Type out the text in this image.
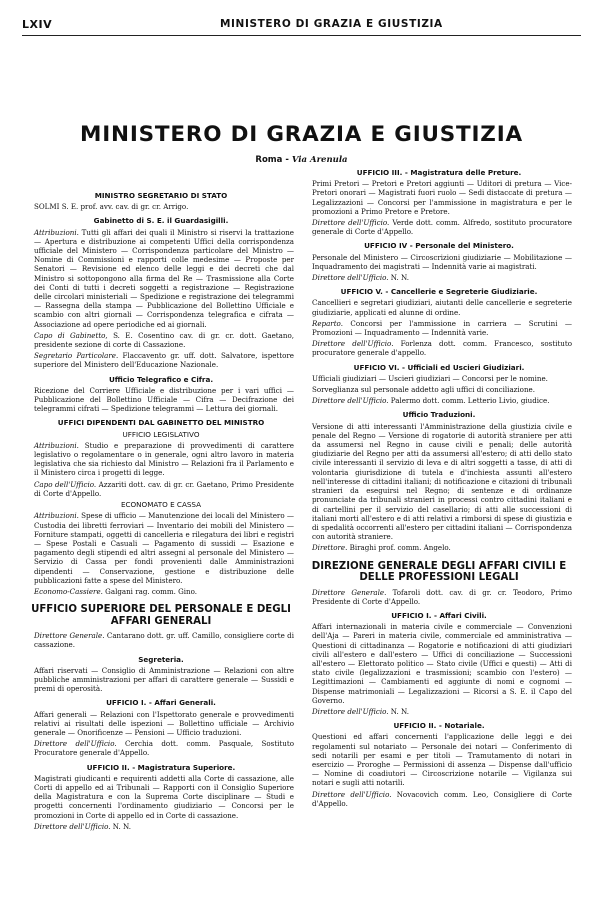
LXIV	MINISTERO DI GRAZIA E GIUSTIZIA
MINISTERO DI GRAZIA E GIUSTIZIA
Roma - Via Arenula
MINISTRO SEGRETARIO DI STATO
SOLMI S. E. prof. avv. cav. di gr. cr. Arrigo.
Gabinetto di S. E. il Guardasigilli.
Attribuzioni. Tutti gli affari dei quali il Ministro si riservi la trattazione — Apertura e distribuzione ai competenti Uffici della corrispondenza ufficiale del Ministero — Corrispondenza particolare del Ministro — Nomine di Commissioni e rapporti colle medesime — Proposte per Senatori — Revisione ed elenco delle leggi e dei decreti che dal Ministro si sottopongono alla firma del Re — Trasmissione alla Corte dei Conti di tutti i decreti soggetti a registrazione — Registrazione delle circolari ministeriali — Spedizione e registrazione dei telegrammi — Rassegna della stampa — Pubblicazione del Bollettino Ufficiale e scambio con altri giornali — Corrispondenza telegrafica e cifrata — Associazione ad opere periodiche ed ai giornali.
Capo di Gabinetto, S. E. Cosentino cav. di gr. cr. dott. Gaetano, presidente sezione di corte di Cassazione.
Segretario Particolare. Flaccavento gr. uff. dott. Salvatore, ispettore superiore del Ministero dell'Educazione Nazionale.
Ufficio Telegrafico e Cifra.
Ricezione del Corriere Ufficiale e distribuzione per i vari uffici — Pubblicazione del Bollettino Ufficiale — Cifra — Decifrazione dei telegrammi cifrati — Spedizione telegrammi — Lettura dei giornali.
UFFICI DIPENDENTI DAL GABINETTO DEL MINISTRO
UFFICIO LEGISLATIVO
Attribuzioni. Studio e preparazione di provvedimenti di carattere legislativo o regolamentare o in generale, ogni altro lavoro in materia legislativa che sia richiesto dal Ministro — Relazioni fra il Parlamento e il Ministero circa i progetti di legge.
Capo dell'Ufficio. Azzariti dott. cav. di gr. cr. Gaetano, Primo Presidente di Corte d'Appello.
ECONOMATO E CASSA
Attribuzioni. Spese di ufficio — Manutenzione dei locali del Ministero — Custodia dei libretti ferroviari — Inventario dei mobili del Ministero — Forniture stampati, oggetti di cancelleria e rilegatura dei libri e registri — Spese Postali e Casuali — Pagamento di sussidi — Esazione e pagamento degli stipendi ed altri assegni al personale del Ministero — Servizio di Cassa per fondi provenienti dalle Amministrazioni dipendenti — Conservazione, gestione e distribuzione delle pubblicazioni fatte a spese del Ministero.
Economo-Cassiere. Galgani rag. comm. Gino.
UFFICIO SUPERIORE DEL PERSONALE E DEGLI AFFARI GENERALI
Direttore Generale. Cantarano dott. gr. uff. Camillo, consigliere corte di cassazione.
Segreteria.
Affari riservati — Consiglio di Amministrazione — Relazioni con altre pubbliche amministrazioni per affari di carattere generale — Sussidi e premi di operosità.
UFFICIO I. - Affari Generali.
Affari generali — Relazioni con l'Ispettorato generale e provvedimenti relativi ai risultati delle ispezioni — Bollettino ufficiale — Archivio generale — Onorificenze — Pensioni — Ufficio traduzioni.
Direttore dell'Ufficio. Cerchia dott. comm. Pasquale, Sostituto Procuratore generale d'Appello.
UFFICIO II. - Magistratura Superiore.
Magistrati giudicanti e requirenti addetti alla Corte di cassazione, alle Corti di appello ed ai Tribunali — Rapporti con il Consiglio Superiore della Magistratura e con la Suprema Corte disciplinare — Studi e progetti concernenti l'ordinamento giudiziario — Concorsi per le promozioni in Corte di appello ed in Corte di cassazione.
Direttore dell'Ufficio. N. N.
UFFICIO III. - Magistratura delle Preture.
Primi Pretori — Pretori e Pretori aggiunti — Uditori di pretura — Vice-Pretori onorari — Magistrati fuori ruolo — Sedi distaccate di pretura — Legalizzazioni — Concorsi per l'ammissione in magistratura e per le promozioni a Primo Pretore e Pretore.
Direttore dell'Ufficio. Verde dott. comm. Alfredo, sostituto procuratore generale di Corte d'Appello.
UFFICIO IV - Personale del Ministero.
Personale del Ministero — Circoscrizioni giudiziarie — Mobilitazione — Inquadramento dei magistrati — Indennità varie ai magistrati.
Direttore dell'Ufficio. N. N.
UFFICIO V. - Cancellerie e Segreterie Giudiziarie.
Cancellieri e segretari giudiziari, aiutanti delle cancellerie e segreterie giudiziarie, applicati ed alunne di ordine.
Reparto. Concorsi per l'ammissione in carriera — Scrutini — Promozioni — Inquadramento — Indennità varie.
Direttore dell'Ufficio. Forlenza dott. comm. Francesco, sostituto procuratore generale d'appello.
UFFICIO VI. - Ufficiali ed Uscieri Giudiziari.
Ufficiali giudiziari — Uscieri giudiziari — Concorsi per le nomine.
Sorveglianza sul personale addetto agli uffici di conciliazione.
Direttore dell'Ufficio. Palermo dott. comm. Letterio Livio, giudice.
Ufficio Traduzioni.
Versione di atti interessanti l'Amministrazione della giustizia civile e penale del Regno — Versione di rogatorie di autorità straniere per atti da assumersi nel Regno in cause civili e penali; delle autorità giudiziarie del Regno per atti da assumersi all'estero; di atti dello stato civile interessanti il servizio di leva e di altri soggetti a tasse, di atti di volontaria giurisdizione di tutela e d'inchiesta assunti all'estero nell'interesse di cittadini italiani; di notificazione e citazioni di tribunali stranieri da eseguirsi nel Regno; di sentenze e di ordinanze pronunciate da tribunali stranieri in processi contro cittadini italiani e di cartellini per il servizio del casellario; di atti alle successioni di italiani morti all'estero e di atti relativi a rimborsi di spese di giustizia e di spedalità occorrenti all'estero per cittadini italiani — Corrispondenza con autorità straniere.
Direttore. Biraghi prof. comm. Angelo.
DIREZIONE GENERALE DEGLI AFFARI CIVILI E DELLE PROFESSIONI LEGALI
Direttore Generale. Tofaroli dott. cav. di gr. cr. Teodoro, Primo Presidente di Corte d'Appello.
UFFICIO I. - Affari Civili.
Affari internazionali in materia civile e commerciale — Convenzioni dell'Aja — Pareri in materia civile, commerciale ed amministrativa — Questioni di cittadinanza — Rogatorie e notificazioni di atti giudiziari civili all'estero e dall'estero — Uffici di conciliazione — Successioni all'estero — Elettorato politico — Stato civile (Uffici e questi) — Atti di stato civile (legalizzazioni e trasmissioni; scambio con l'estero) — Legittimazioni — Cambiamenti ed aggiunte di nomi e cognomi — Dispense matrimoniali — Legalizzazioni — Ricorsi a S. E. il Capo del Governo.
Direttore dell'Ufficio. N. N.
UFFICIO II. - Notariale.
Questioni ed affari concernenti l'applicazione delle leggi e dei regolamenti sul notariato — Personale dei notari — Conferimento di sedi notarili per esami e per titoli — Tramutamento di notari in esercizio — Proroghe — Permissioni di assenza — Dispense dall'ufficio — Nomine di coadiutori — Circoscrizione notarile — Vigilanza sui notari e sugli atti notarili.
Direttore dell'Ufficio. Novacovich comm. Leo, Consigliere di Corte d'Appello.
